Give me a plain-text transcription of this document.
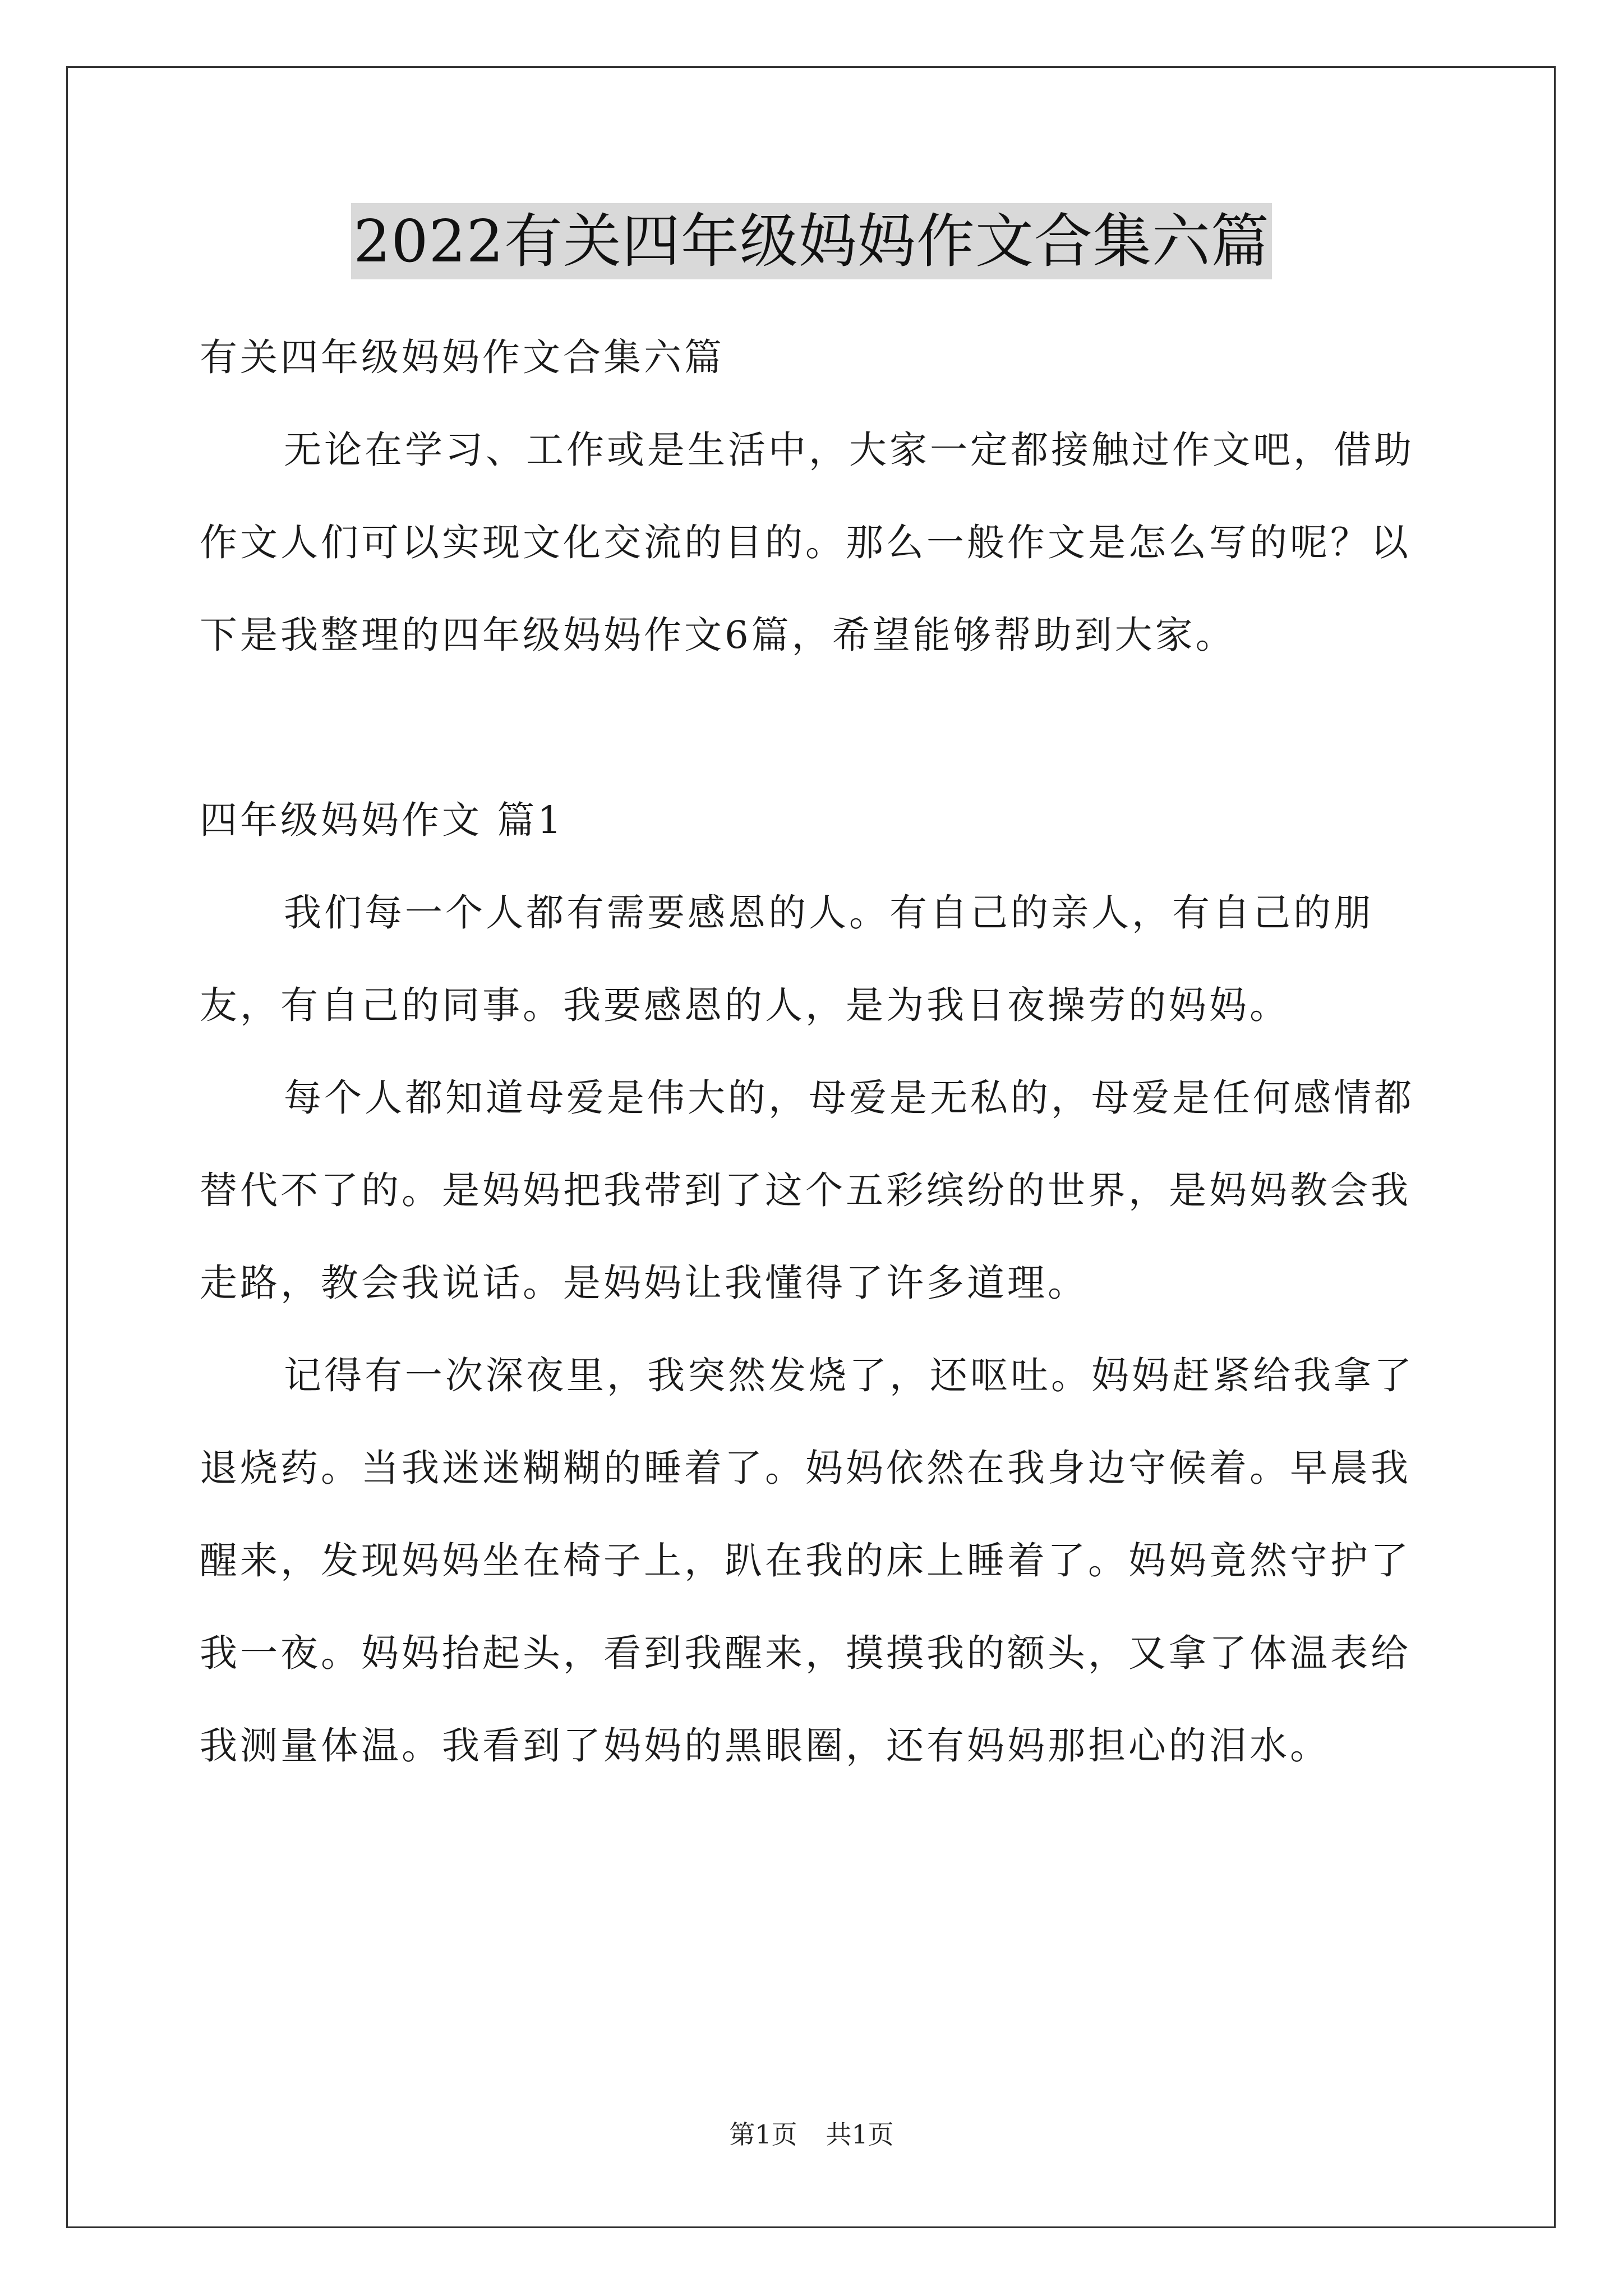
2022有关四年级妈妈作文合集六篇

有关四年级妈妈作文合集六篇

无论在学习、工作或是生活中，大家一定都接触过作文吧，借助作文人们可以实现文化交流的目的。那么一般作文是怎么写的呢？以下是我整理的四年级妈妈作文6篇，希望能够帮助到大家。

四年级妈妈作文 篇1

我们每一个人都有需要感恩的人。有自己的亲人，有自己的朋友，有自己的同事。我要感恩的人，是为我日夜操劳的妈妈。

每个人都知道母爱是伟大的，母爱是无私的，母爱是任何感情都替代不了的。是妈妈把我带到了这个五彩缤纷的世界，是妈妈教会我走路，教会我说话。是妈妈让我懂得了许多道理。

记得有一次深夜里，我突然发烧了，还呕吐。妈妈赶紧给我拿了退烧药。当我迷迷糊糊的睡着了。妈妈依然在我身边守候着。早晨我醒来，发现妈妈坐在椅子上，趴在我的床上睡着了。妈妈竟然守护了我一夜。妈妈抬起头，看到我醒来，摸摸我的额头，又拿了体温表给我测量体温。我看到了妈妈的黑眼圈，还有妈妈那担心的泪水。

第1页 共1页
